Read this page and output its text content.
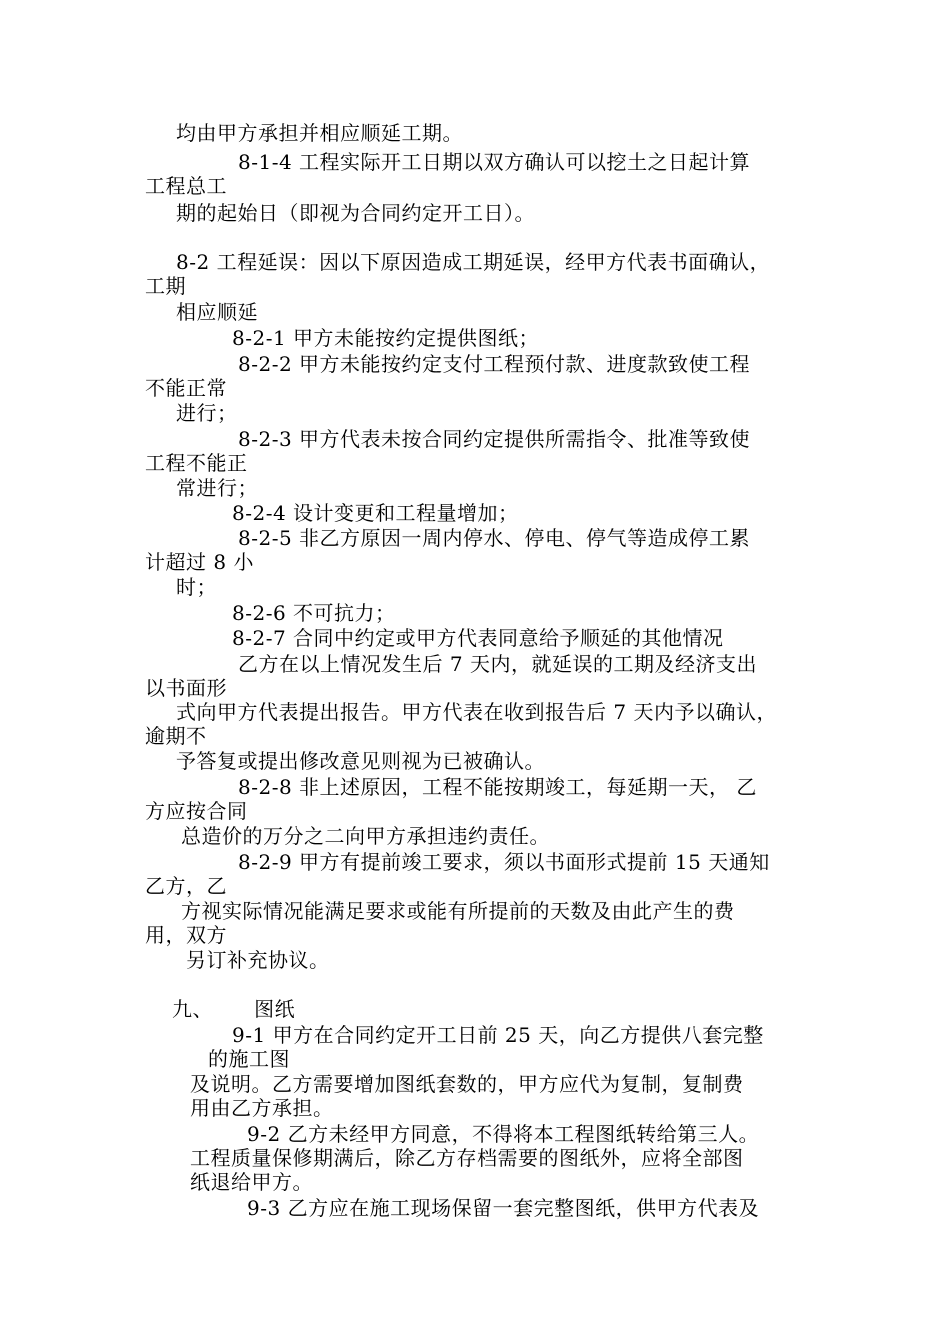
均由甲方承担并相应顺延工期。
8-1-4 工程实际开工日期以双方确认可以挖土之日起计算
工程总工
期的起始日（即视为合同约定开工日）。
8-2 工程延误：因以下原因造成工期延误，经甲方代表书面确认，
工期
相应顺延
8-2-1 甲方未能按约定提供图纸；
8-2-2 甲方未能按约定支付工程预付款、进度款致使工程
不能正常
进行；
8-2-3 甲方代表未按合同约定提供所需指令、批准等致使
工程不能正
常进行；
8-2-4 设计变更和工程量增加；
8-2-5 非乙方原因一周内停水、停电、停气等造成停工累
计超过 8 小
时；
8-2-6 不可抗力；
8-2-7 合同中约定或甲方代表同意给予顺延的其他情况
乙方在以上情况发生后 7 天内，就延误的工期及经济支出
以书面形
式向甲方代表提出报告。甲方代表在收到报告后 7 天内予以确认，
逾期不
予答复或提出修改意见则视为已被确认。
8-2-8 非上述原因，工程不能按期竣工，每延期一天， 乙
方应按合同
总造价的万分之二向甲方承担违约责任。
8-2-9 甲方有提前竣工要求，须以书面形式提前 15 天通知
乙方，乙
方视实际情况能满足要求或能有所提前的天数及由此产生的费
用，双方
另订补充协议。
九、      图纸
9-1 甲方在合同约定开工日前 25 天，向乙方提供八套完整
的施工图
及说明。乙方需要增加图纸套数的，甲方应代为复制，复制费
用由乙方承担。
9-2 乙方未经甲方同意，不得将本工程图纸转给第三人。
工程质量保修期满后，除乙方存档需要的图纸外，应将全部图
纸退给甲方。
9-3 乙方应在施工现场保留一套完整图纸，供甲方代表及
